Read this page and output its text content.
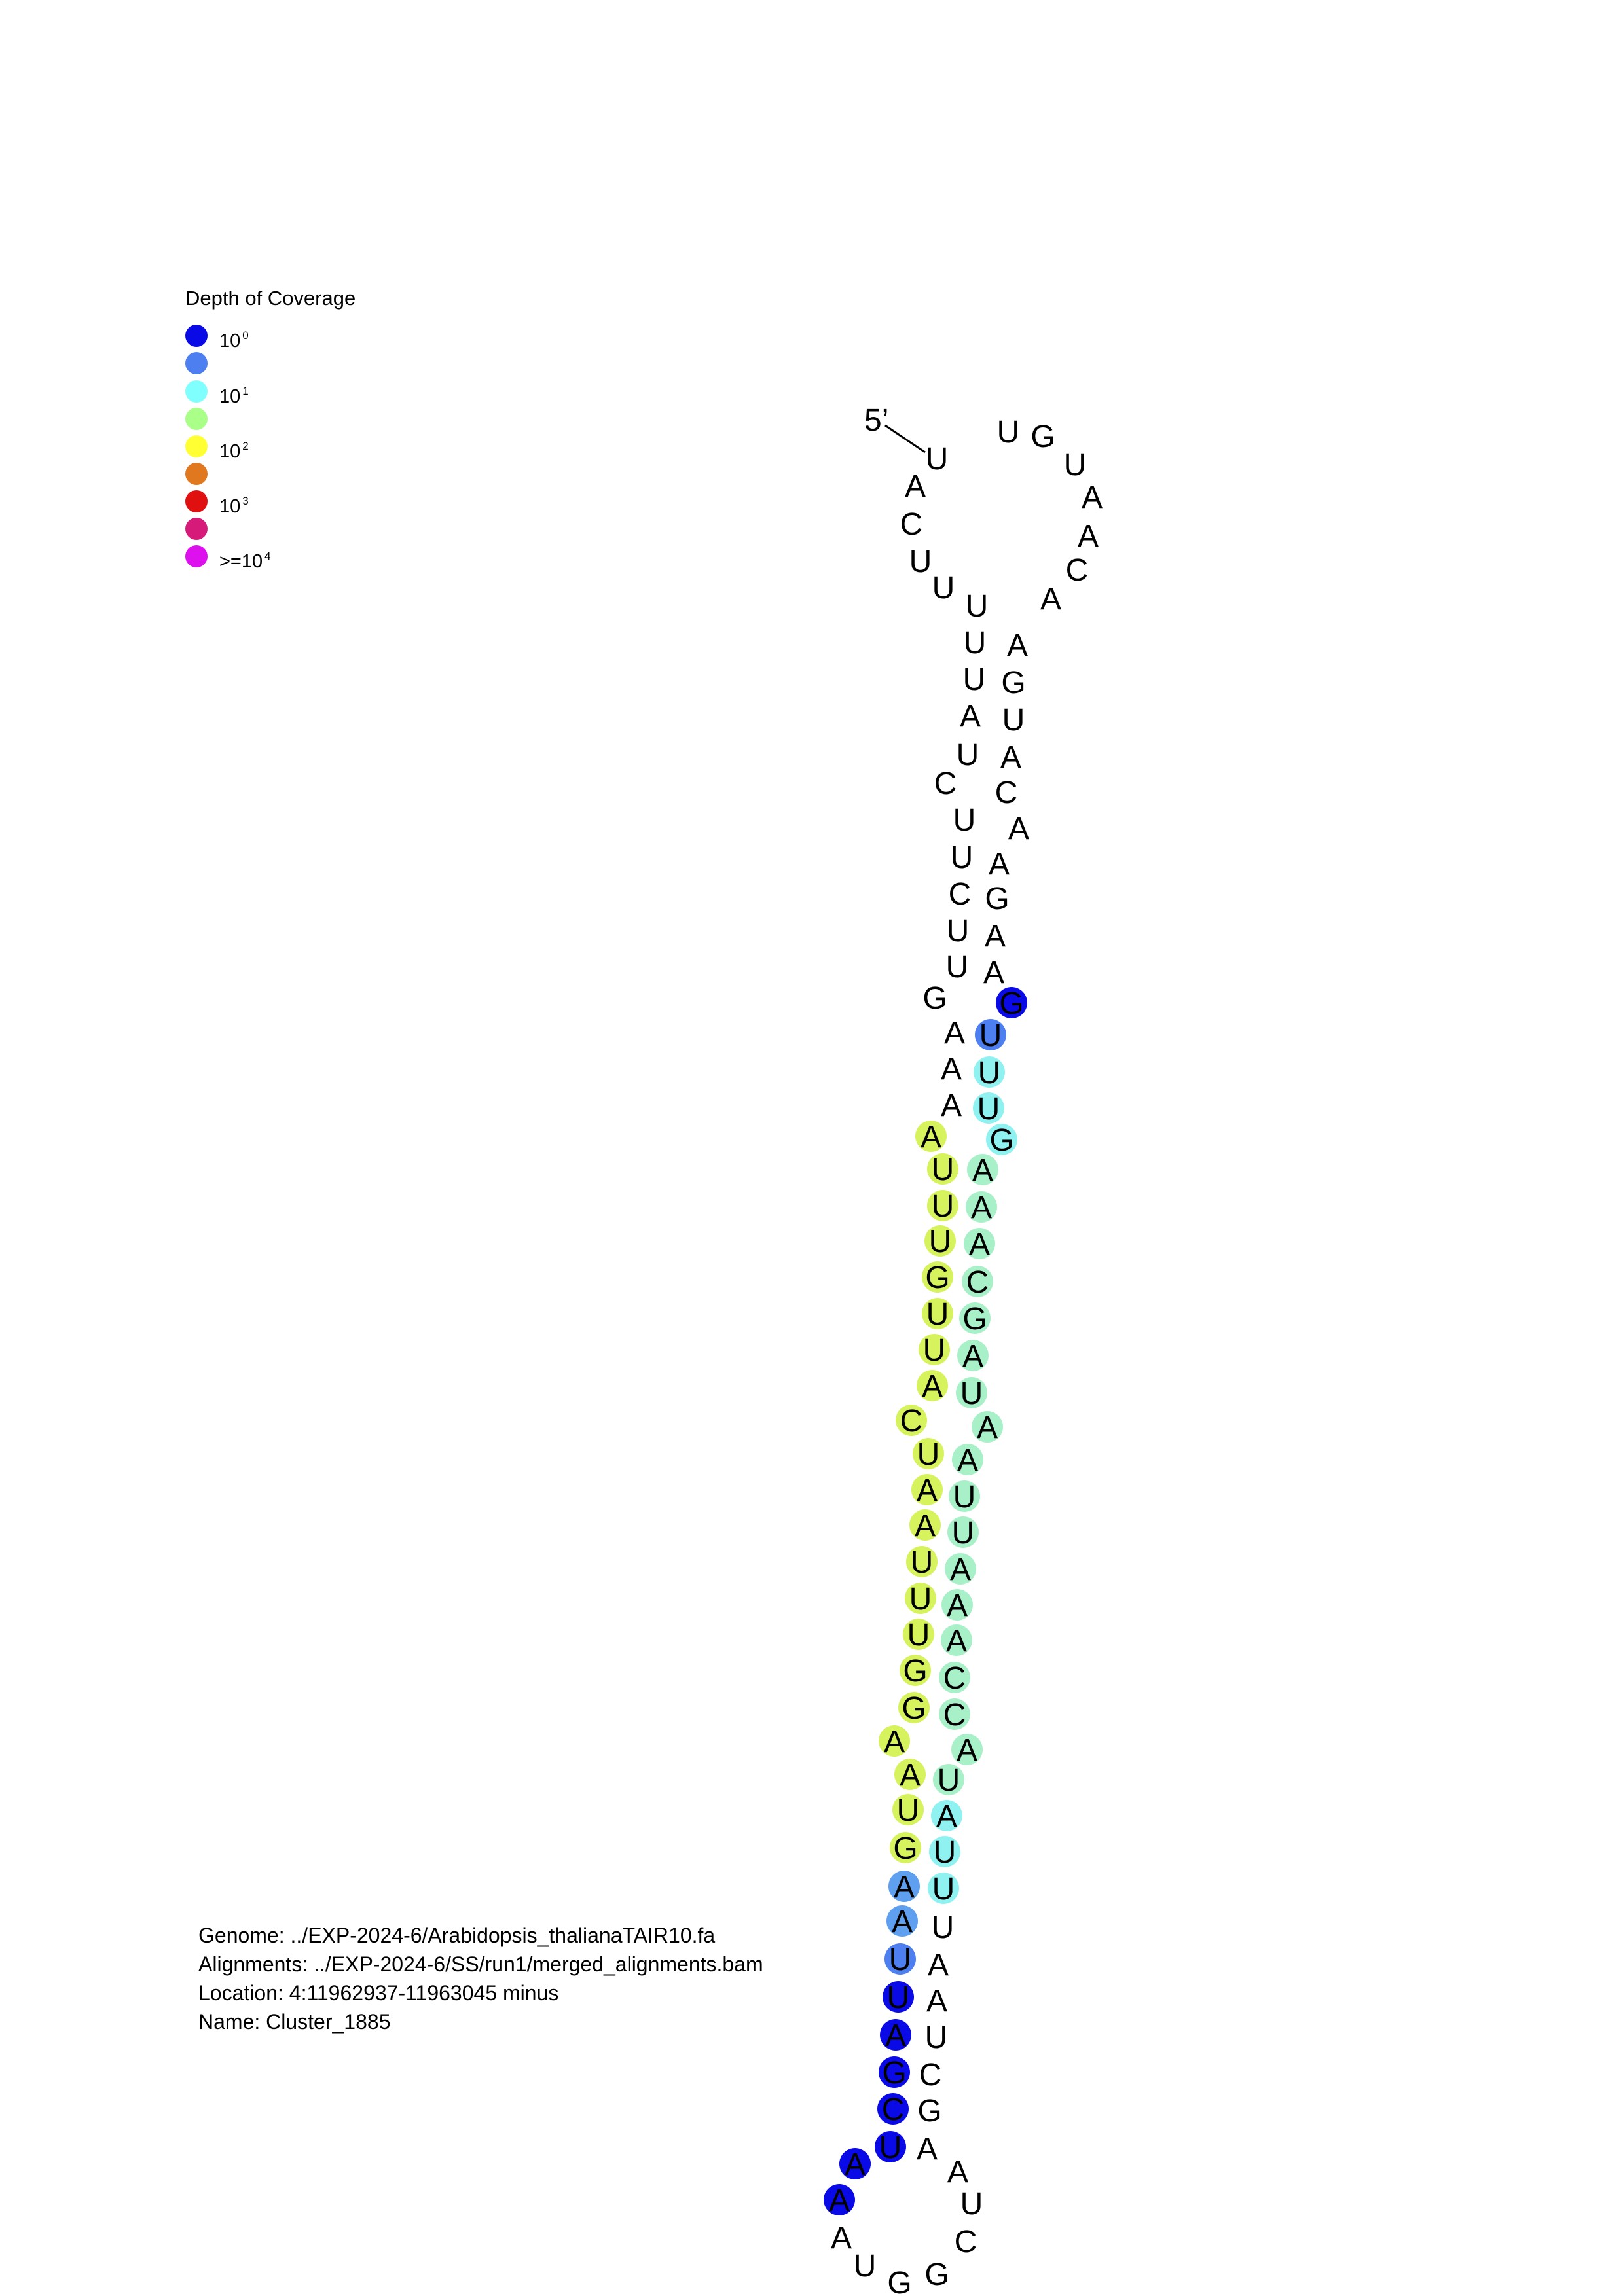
Depth of Coverage
10 $^0$
10 $^1$
10 $^2$
10 $^3$
>=10 $^4$
5’
U
A
C
U
U
U
U
U
A
U
C
U
U
C
U
U
G
A
A
A
A
U
U
U
G
U
U
A
C
U
A
A
U
U
U
G
G
A
A
U
G
A
A
U
U
A
G
C
U
A
A
A
U G G
C
U
A
A
G
C
U
A
A
U
U
U
A
U
A
C
C
A
A
A
U
U
A
A
U
A
G
C
A
A
A
G
U
U
U
G
A
A
G
A
A
C
A
U
G
A
A
C
A
A
U
G
U
Genome: ../EXP-2024-6/Arabidopsis_thalianaTAIR10.fa
Alignments: ../EXP-2024-6/SS/run1/merged_alignments.bam
Location: 4:11962937-11963045 minus
Name: Cluster_1885
